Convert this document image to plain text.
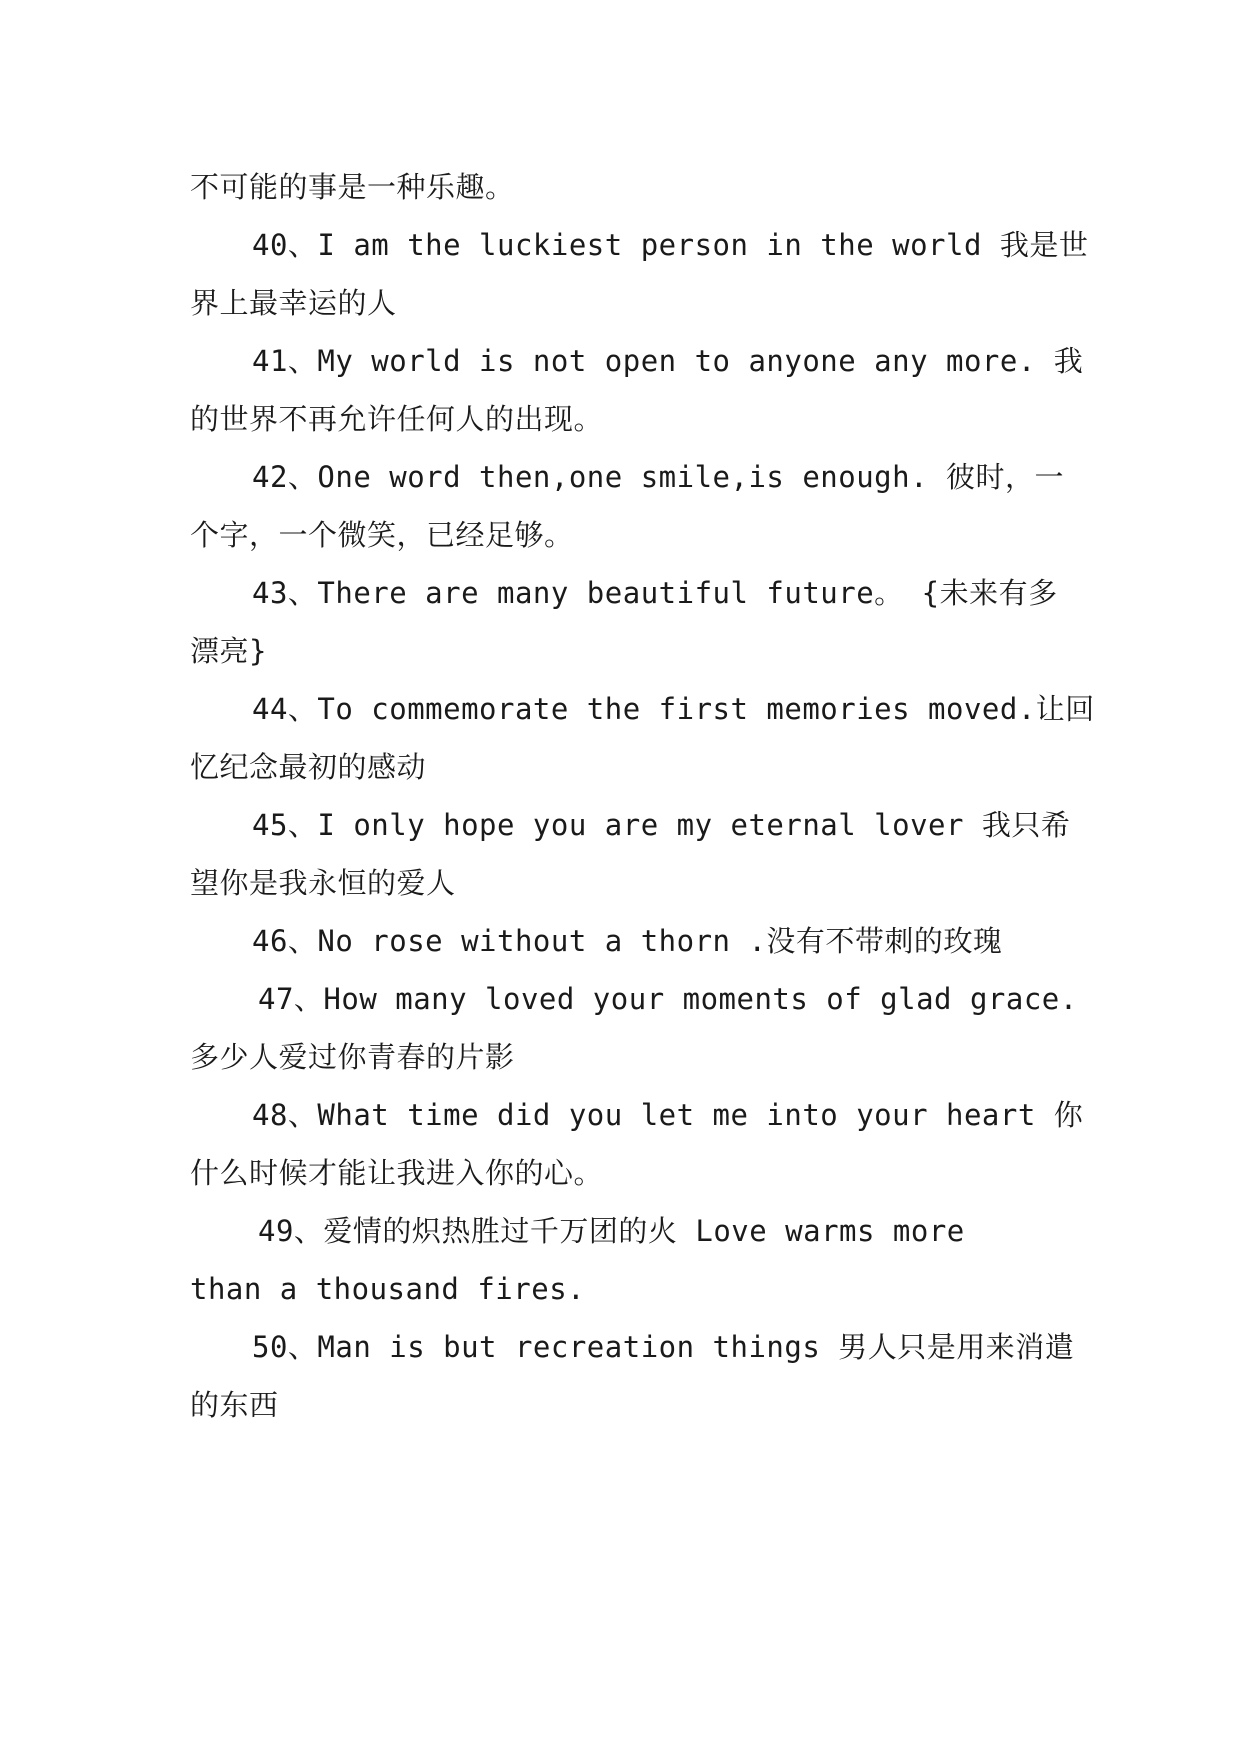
不可能的事是一种乐趣。
40、I am the luckiest person in the world 我是世
界上最幸运的人
41、My world is not open to anyone any more. 我
的世界不再允许任何人的出现。
42、One word then,one smile,is enough. 彼时，一
个字，一个微笑，已经足够。
43、There are many beautiful future。 {未来有多
漂亮}
44、To commemorate the first memories moved.让回
忆纪念最初的感动
45、I only hope you are my eternal lover 我只希
望你是我永恒的爱人
46、No rose without a thorn .没有不带刺的玫瑰
47、How many loved your moments of glad grace.
多少人爱过你青春的片影
48、What time did you let me into your heart 你
什么时候才能让我进入你的心。
49、爱情的炽热胜过千万团的火 Love warms more
than a thousand fires.
50、Man is but recreation things 男人只是用来消遣
的东西
